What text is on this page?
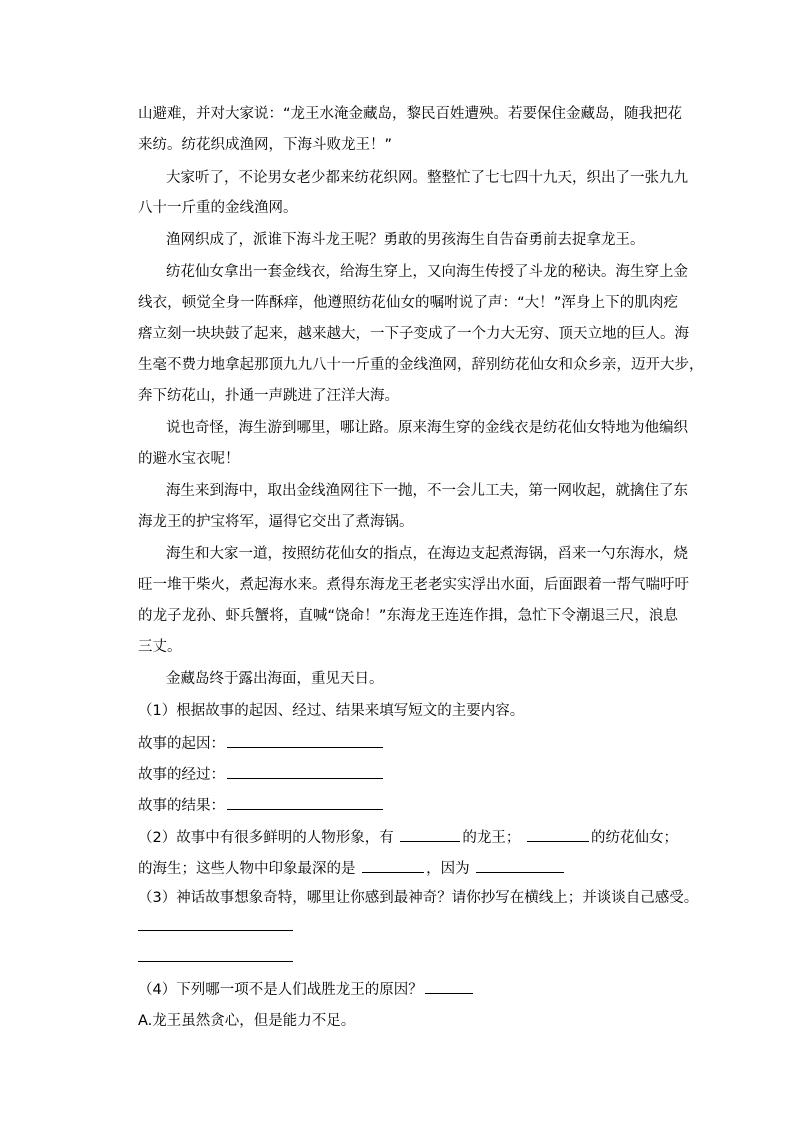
山避难，并对大家说：“龙王水淹金藏岛，黎民百姓遭殃。若要保住金藏岛，随我把花
来纺。纺花织成渔网，下海斗败龙王！”
大家听了，不论男女老少都来纺花织网。整整忙了七七四十九天，织出了一张九九
八十一斤重的金线渔网。
渔网织成了，派谁下海斗龙王呢？勇敢的男孩海生自告奋勇前去捉拿龙王。
纺花仙女拿出一套金线衣，给海生穿上，又向海生传授了斗龙的秘诀。海生穿上金
线衣，顿觉全身一阵酥痒，他遵照纺花仙女的嘱咐说了声：“大！”浑身上下的肌肉疙
瘩立刻一块块鼓了起来，越来越大，一下子变成了一个力大无穷、顶天立地的巨人。海
生毫不费力地拿起那顶九九八十一斤重的金线渔网，辞别纺花仙女和众乡亲，迈开大步，
奔下纺花山，扑通一声跳进了汪洋大海。
说也奇怪，海生游到哪里，哪让路。原来海生穿的金线衣是纺花仙女特地为他编织
的避水宝衣呢！
海生来到海中，取出金线渔网往下一抛，不一会儿工夫，第一网收起，就擒住了东
海龙王的护宝将军，逼得它交出了煮海锅。
海生和大家一道，按照纺花仙女的指点，在海边支起煮海锅，舀来一勺东海水，烧
旺一堆干柴火，煮起海水来。煮得东海龙王老老实实浮出水面，后面跟着一帮气喘吁吁
的龙子龙孙、虾兵蟹将，直喊“饶命！”东海龙王连连作揖，急忙下令潮退三尺，浪息
三丈。
金藏岛终于露出海面，重见天日。
（1）根据故事的起因、经过、结果来填写短文的主要内容。
故事的起因：
故事的经过：
故事的结果：
（2）故事中有很多鲜明的人物形象，有	的龙王；	的纺花仙女；
的海生；这些人物中印象最深的是	，因为
（3）神话故事想象奇特，哪里让你感到最神奇？请你抄写在横线上；并谈谈自己感受。
（4）下列哪一项不是人们战胜龙王的原因？
A.龙王虽然贪心，但是能力不足。
